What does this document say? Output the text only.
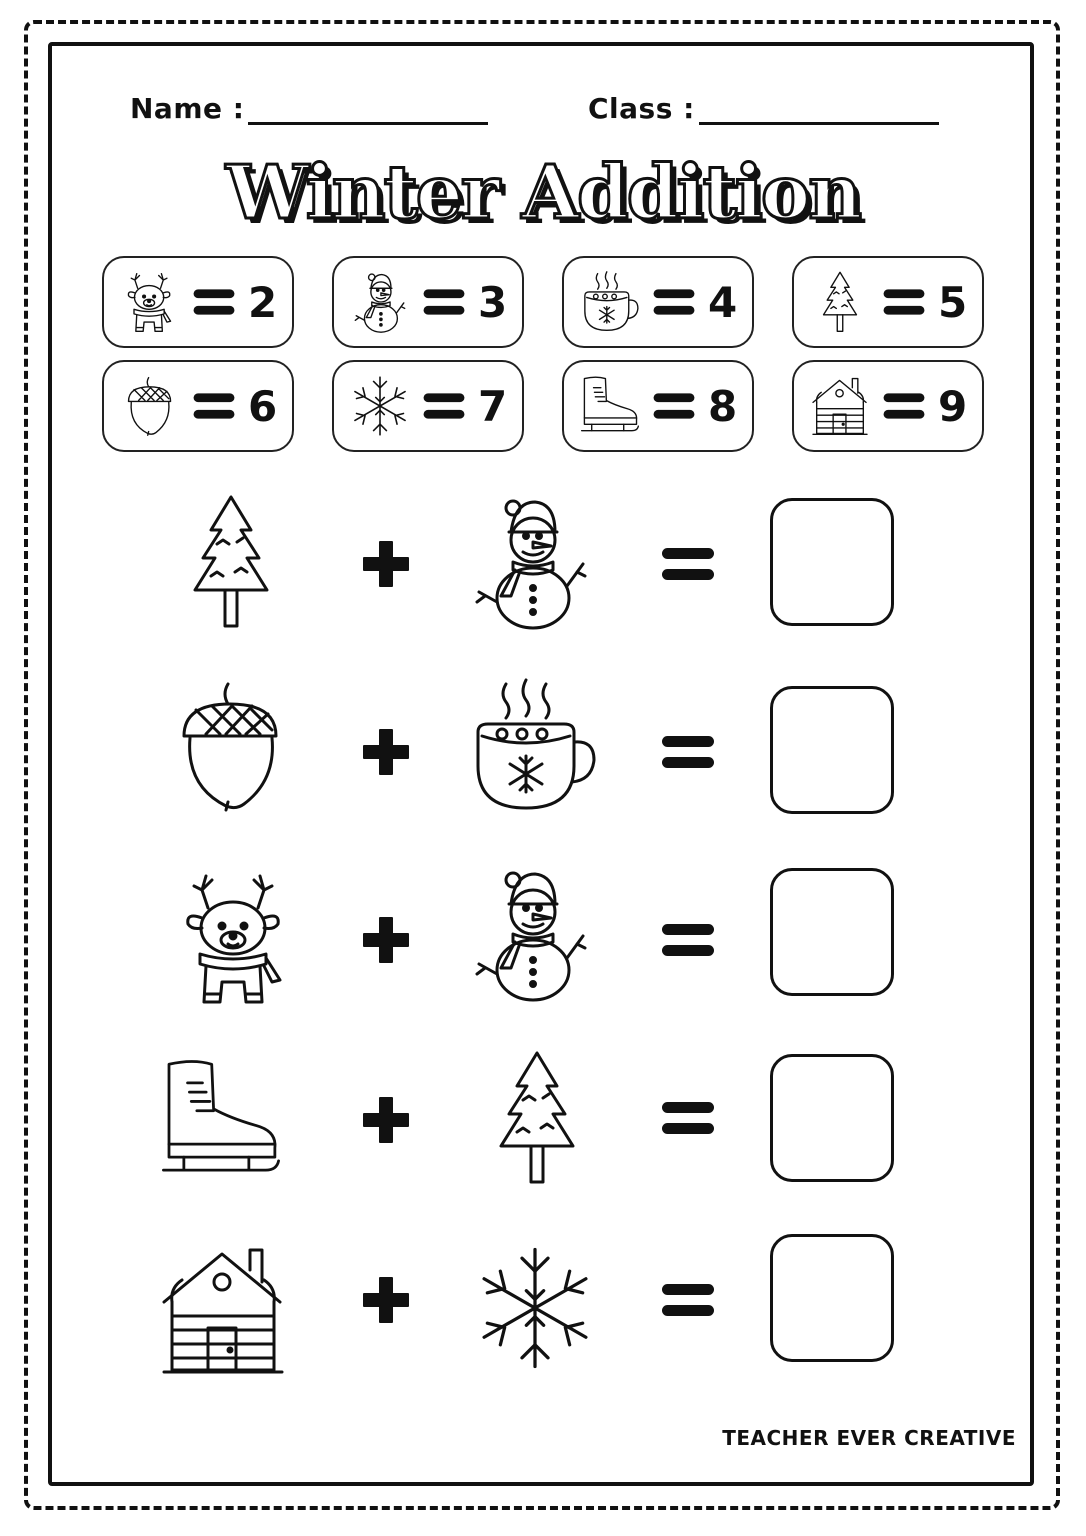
Name :	Class :
Winter Addition
2	3	4	5
6	7	8	9
TEACHER EVER CREATIVE
